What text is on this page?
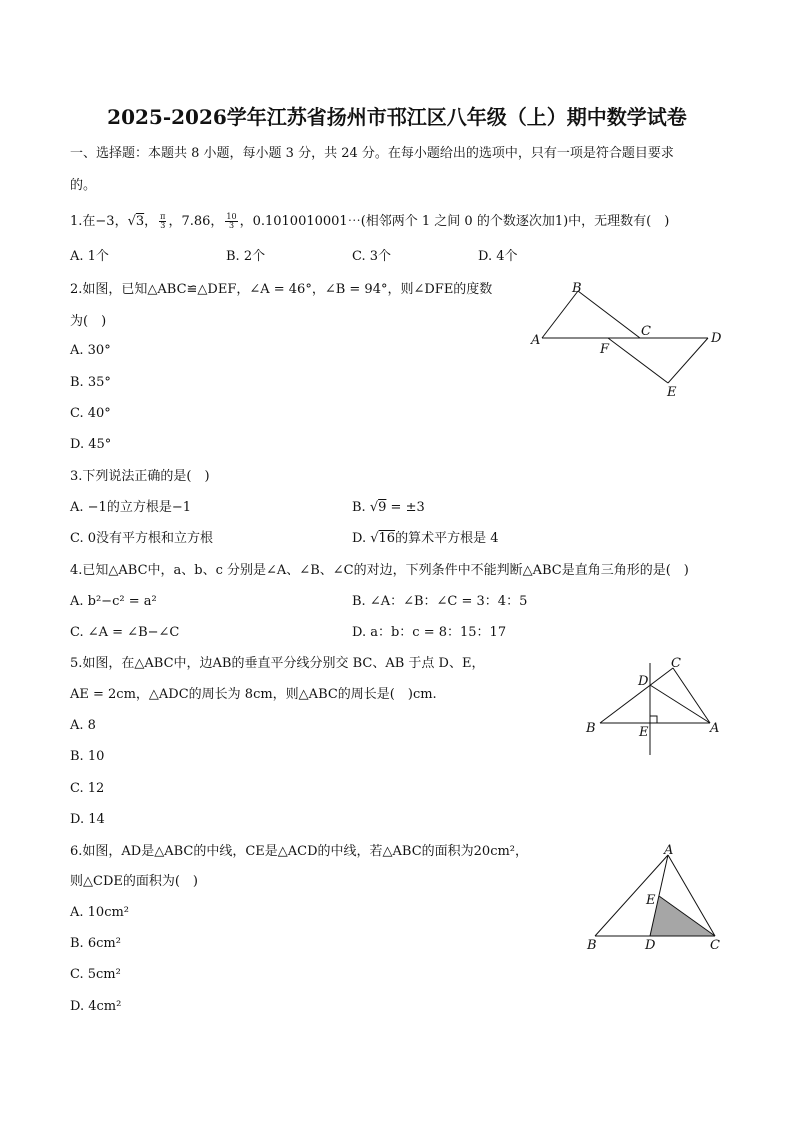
2025-2026学年江苏省扬州市邗江区八年级（上）期中数学试卷
一、选择题：本题共 8 小题，每小题 3 分，共 24 分。在每小题给出的选项中，只有一项是符合题目要求
的。
1.在−3，√3， $\frac{\pi}{3}$ ，7.86， $\frac{10}{3}$ ，0.1010010001⋯(相邻两个 1 之间 0 的个数逐次加1)中，无理数有(　)
A. 1个	B. 2个	C. 3个	D. 4个
2.如图，已知△ABC≌△DEF，∠A = 46°，∠B = 94°，则∠DFE的度数
为(　)
A. 30°
B. 35°
C. 40°
D. 45°
A
B
C	D
E
F
3.下列说法正确的是(　)
A. −1的立方根是−1	B. √9 = ±3
C. 0没有平方根和立方根	D. √16的算术平方根是 4
4.已知△ABC中，a、b、c 分别是∠A、∠B、∠C的对边，下列条件中不能判断△ABC是直角三角形的是(　)
A. b²−c² = a²	B. ∠A：∠B：∠C = 3：4：5
C. ∠A = ∠B−∠C	D. a：b：c = 8：15：17
5.如图，在△ABC中，边AB的垂直平分线分别交 BC、AB 于点 D、E，
AE = 2cm，△ADC的周长为 8cm，则△ABC的周长是(　)cm.
A. 8
B. 10
C. 12
D. 14
B
C
D
E	A
6.如图，AD是△ABC的中线，CE是△ACD的中线，若△ABC的面积为20cm²，
则△CDE的面积为(　)
A. 10cm²
B. 6cm²
C. 5cm²
D. 4cm²
A
B	D	C
E
